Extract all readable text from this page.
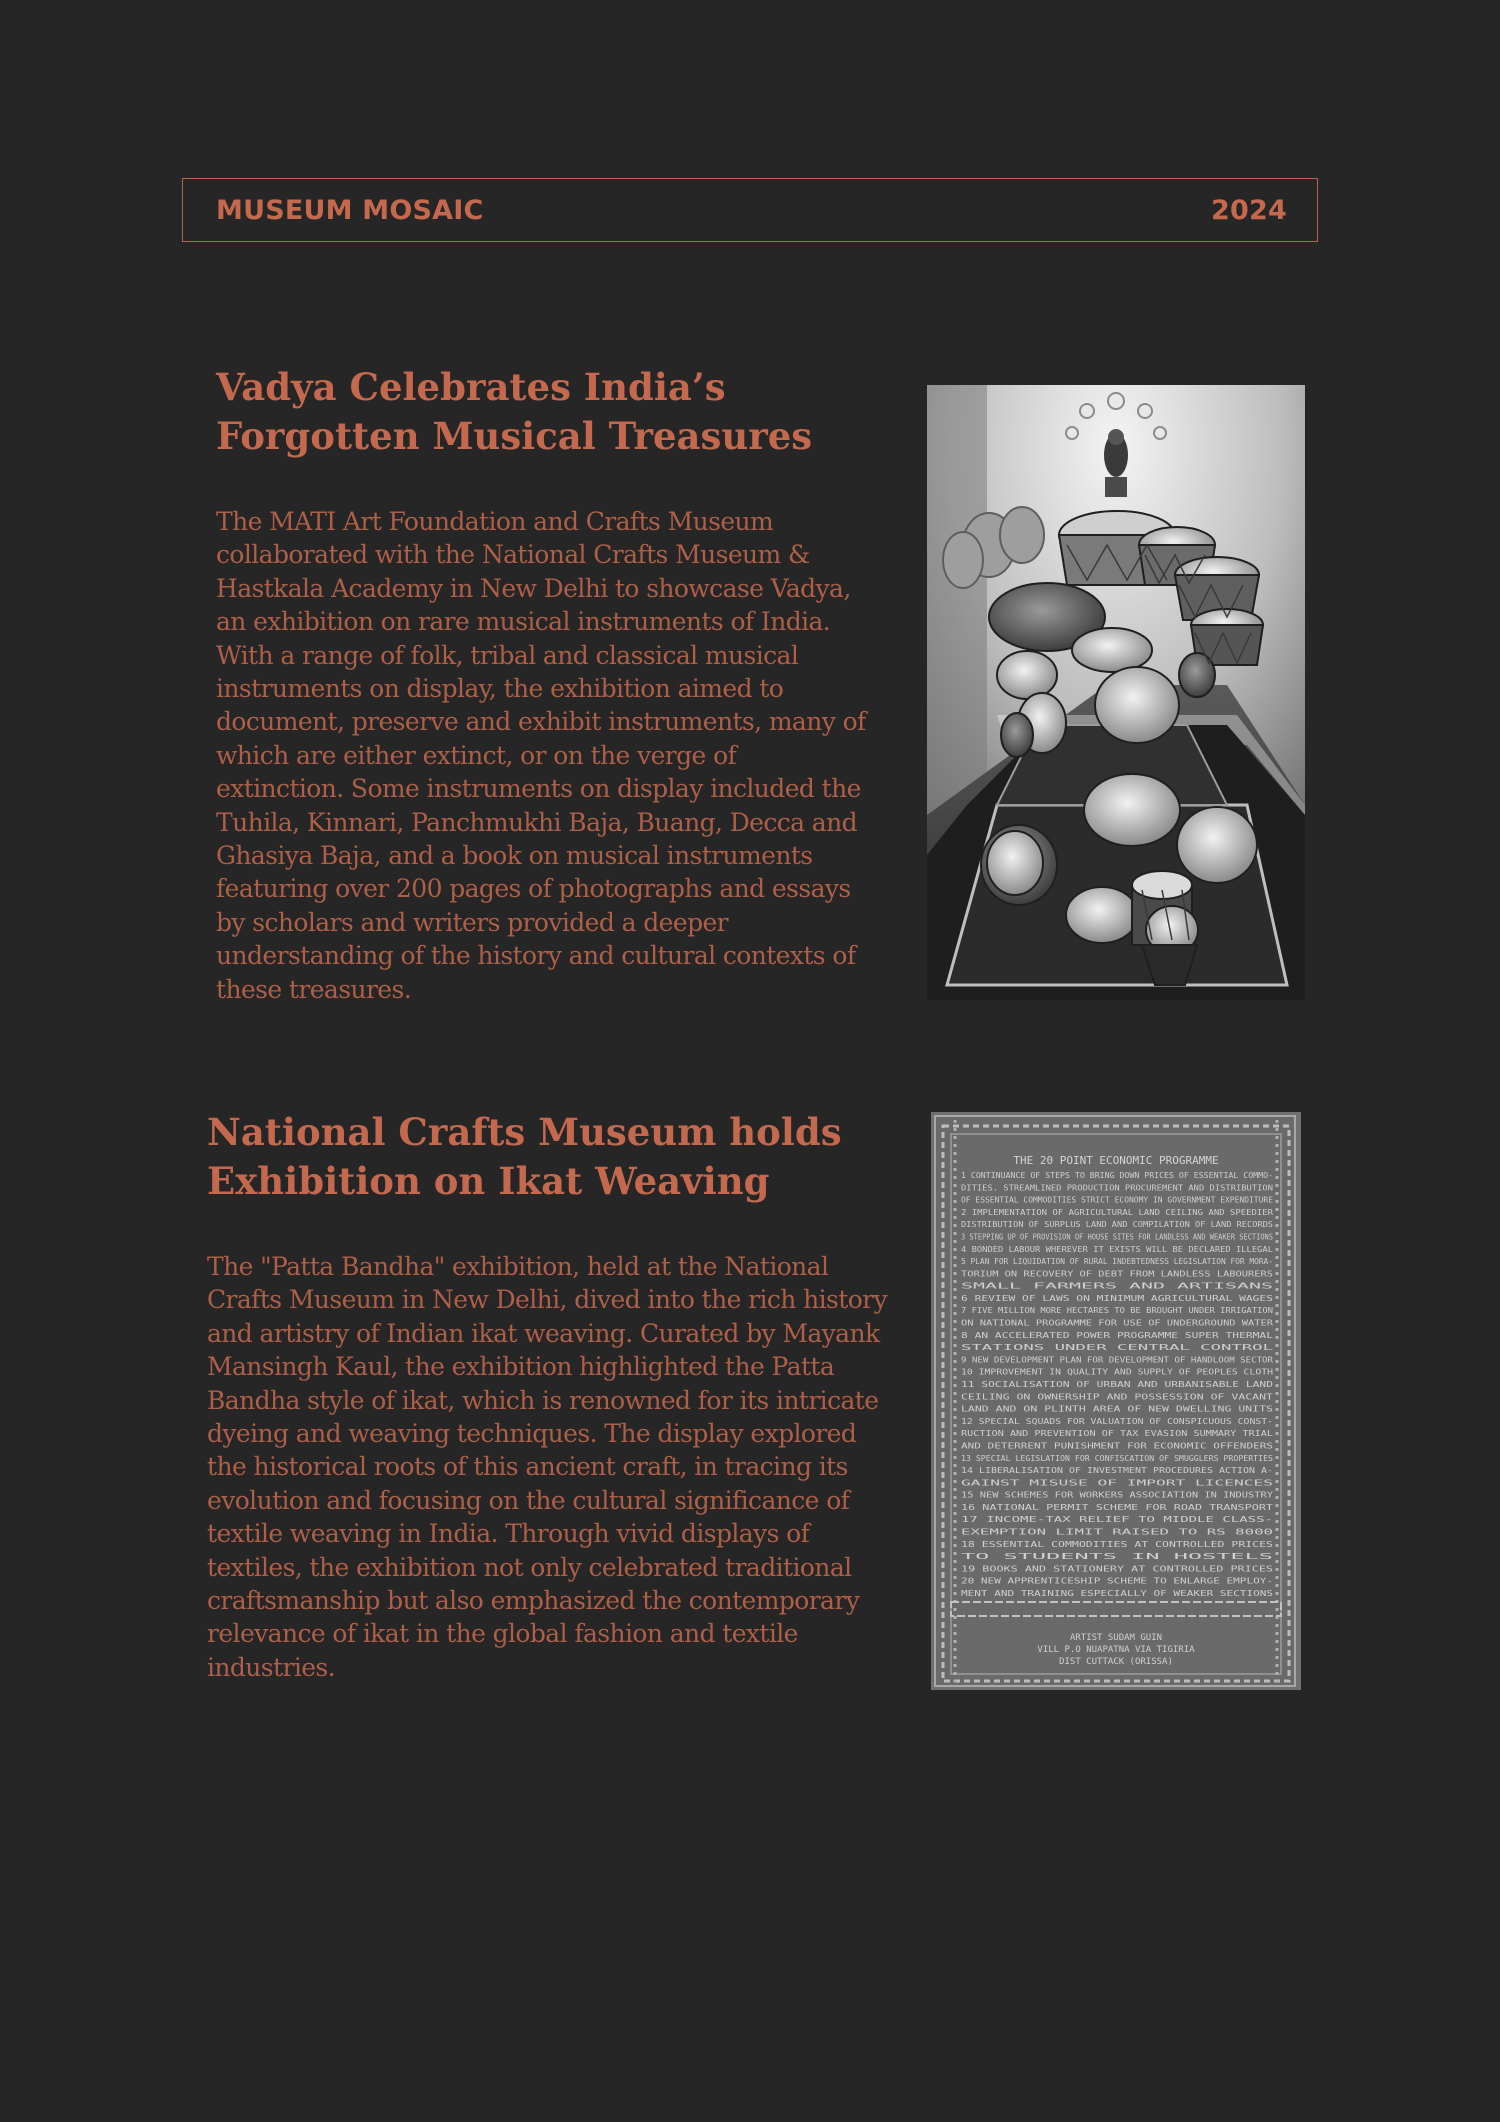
MUSEUM MOSAIC	2024
Vadya Celebrates India’s Forgotten Musical Treasures

The MATI Art Foundation and Crafts Museum collaborated with the National Crafts Museum & Hastkala Academy in New Delhi to showcase Vadya, an exhibition on rare musical instruments of India. With a range of folk, tribal and classical musical instruments on display, the exhibition aimed to document, preserve and exhibit instruments, many of which are either extinct, or on the verge of extinction. Some instruments on display included the Tuhila, Kinnari, Panchmukhi Baja, Buang, Decca and Ghasiya Baja, and a book on musical instruments featuring over 200 pages of photographs and essays by scholars and writers provided a deeper understanding of the history and cultural contexts of these treasures.

National Crafts Museum holds Exhibition on Ikat Weaving

The "Patta Bandha" exhibition, held at the National Crafts Museum in New Delhi, dived into the rich history and artistry of Indian ikat weaving. Curated by Mayank Mansingh Kaul, the exhibition highlighted the Patta Bandha style of ikat, which is renowned for its intricate dyeing and weaving techniques. The display explored the historical roots of this ancient craft, in tracing its evolution and focusing on the cultural significance of textile weaving in India. Through vivid displays of textiles, the exhibition not only celebrated traditional craftsmanship but also emphasized the contemporary relevance of ikat in the global fashion and textile industries.

THE 20 POINT ECONOMIC PROGRAMME
1 CONTINUANCE OF STEPS TO BRING DOWN PRICES OF ESSENTIAL COMMO-
DITIES. STREAMLINED PRODUCTION PROCUREMENT AND DISTRIBUTION
OF ESSENTIAL COMMODITIES STRICT ECONOMY IN GOVERNMENT EXPENDITURE
2 IMPLEMENTATION OF AGRICULTURAL LAND CEILING AND SPEEDIER
DISTRIBUTION OF SURPLUS LAND AND COMPILATION OF LAND RECORDS
3 STEPPING UP OF PROVISION OF HOUSE SITES FOR LANDLESS AND WEAKER SECTIONS
4 BONDED LABOUR WHEREVER IT EXISTS WILL BE DECLARED ILLEGAL
5 PLAN FOR LIQUIDATION OF RURAL INDEBTEDNESS LEGISLATION FOR MORA-
TORIUM ON RECOVERY OF DEBT FROM LANDLESS LABOURERS
SMALL FARMERS AND ARTISANS
6 REVIEW OF LAWS ON MINIMUM AGRICULTURAL WAGES
7 FIVE MILLION MORE HECTARES TO BE BROUGHT UNDER IRRIGATION
ON NATIONAL PROGRAMME FOR USE OF UNDERGROUND WATER
8 AN ACCELERATED POWER PROGRAMME SUPER THERMAL
STATIONS UNDER CENTRAL CONTROL
9 NEW DEVELOPMENT PLAN FOR DEVELOPMENT OF HANDLOOM SECTOR
10 IMPROVEMENT IN QUALITY AND SUPPLY OF PEOPLES CLOTH
11 SOCIALISATION OF URBAN AND URBANISABLE LAND
CEILING ON OWNERSHIP AND POSSESSION OF VACANT
LAND AND ON PLINTH AREA OF NEW DWELLING UNITS
12 SPECIAL SQUADS FOR VALUATION OF CONSPICUOUS CONST-
RUCTION AND PREVENTION OF TAX EVASION SUMMARY TRIAL
AND DETERRENT PUNISHMENT FOR ECONOMIC OFFENDERS
13 SPECIAL LEGISLATION FOR CONFISCATION OF SMUGGLERS PROPERTIES
14 LIBERALISATION OF INVESTMENT PROCEDURES ACTION A-
GAINST MISUSE OF IMPORT LICENCES
15 NEW SCHEMES FOR WORKERS ASSOCIATION IN INDUSTRY
16 NATIONAL PERMIT SCHEME FOR ROAD TRANSPORT
17 INCOME-TAX RELIEF TO MIDDLE CLASS-
EXEMPTION LIMIT RAISED TO RS 8000
18 ESSENTIAL COMMODITIES AT CONTROLLED PRICES
TO STUDENTS IN HOSTELS
19 BOOKS AND STATIONERY AT CONTROLLED PRICES
20 NEW APPRENTICESHIP SCHEME TO ENLARGE EMPLOY-
MENT AND TRAINING ESPECIALLY OF WEAKER SECTIONS
ARTIST SUDAM GUIN
VILL P.O NUAPATNA VIA TIGIRIA
DIST CUTTACK (ORISSA)
